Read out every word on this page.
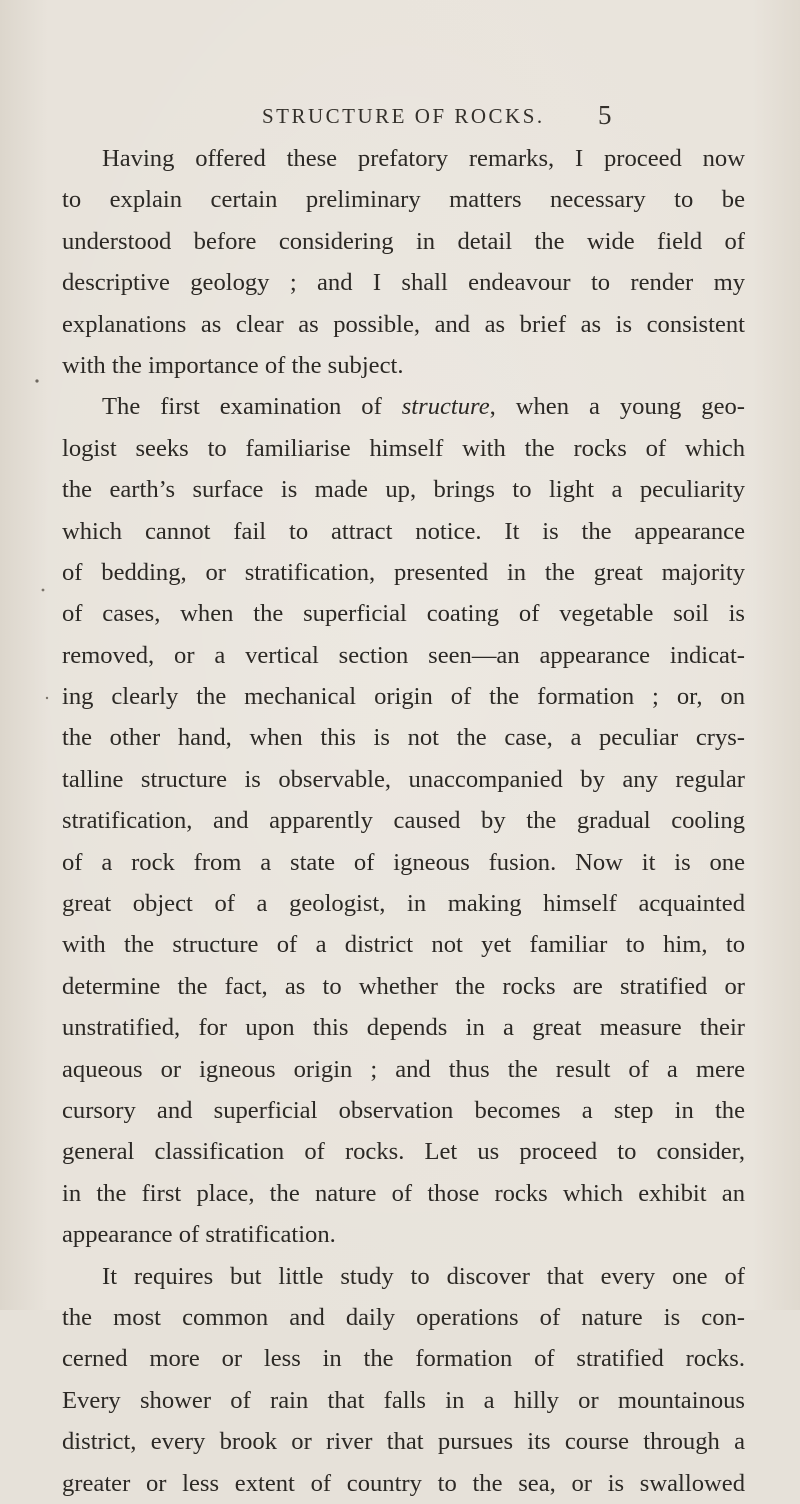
STRUCTURE OF ROCKS. 5
Having offered these prefatory remarks, I proceed now
to explain certain preliminary matters necessary to be
understood before considering in detail the wide field of
descriptive geology ; and I shall endeavour to render my
explanations as clear as possible, and as brief as is consistent
with the importance of the subject.
The first examination of structure, when a young geo-
logist seeks to familiarise himself with the rocks of which
the earth’s surface is made up, brings to light a peculiarity
which cannot fail to attract notice. It is the appearance
of bedding, or stratification, presented in the great majority
of cases, when the superficial coating of vegetable soil is
removed, or a vertical section seen—an appearance indicat-
ing clearly the mechanical origin of the formation ; or, on
the other hand, when this is not the case, a peculiar crys-
talline structure is observable, unaccompanied by any regular
stratification, and apparently caused by the gradual cooling
of a rock from a state of igneous fusion. Now it is one
great object of a geologist, in making himself acquainted
with the structure of a district not yet familiar to him, to
determine the fact, as to whether the rocks are stratified or
unstratified, for upon this depends in a great measure their
aqueous or igneous origin ; and thus the result of a mere
cursory and superficial observation becomes a step in the
general classification of rocks. Let us proceed to consider,
in the first place, the nature of those rocks which exhibit an
appearance of stratification.
It requires but little study to discover that every one of
the most common and daily operations of nature is con-
cerned more or less in the formation of stratified rocks.
Every shower of rain that falls in a hilly or mountainous
district, every brook or river that pursues its course through a
greater or less extent of country to the sea, or is swallowed
